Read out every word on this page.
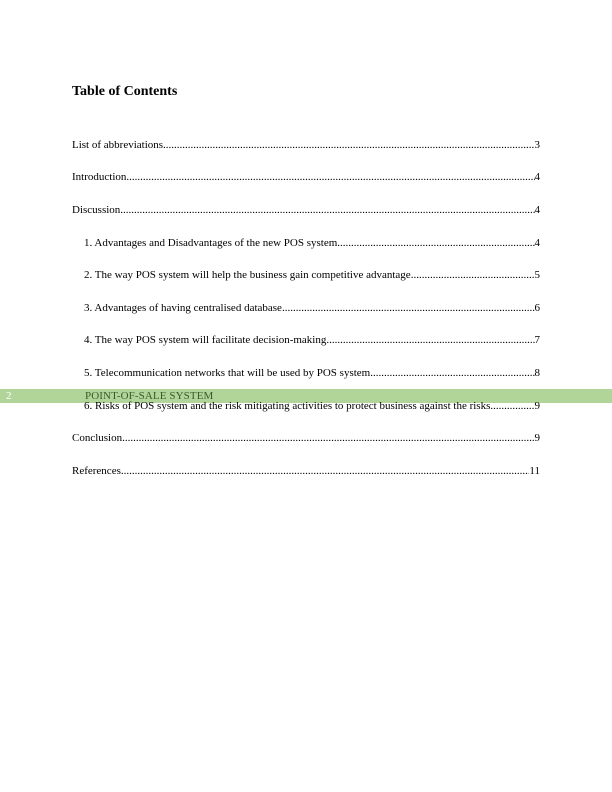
Table of Contents
List of abbreviations .....	3
Introduction .....	4
Discussion .....	4
1. Advantages and Disadvantages of the new POS system .....	4
2. The way POS system will help the business gain competitive advantage .....	5
3. Advantages of having centralised database .....	6
4. The way POS system will facilitate decision-making .....	7
5. Telecommunication networks that will be used by POS system .....	8
2	POINT-OF-SALE SYSTEM
6. Risks of POS system and the risk mitigating activities to protect business against the risks .....	9
Conclusion .....	9
References .....	11
